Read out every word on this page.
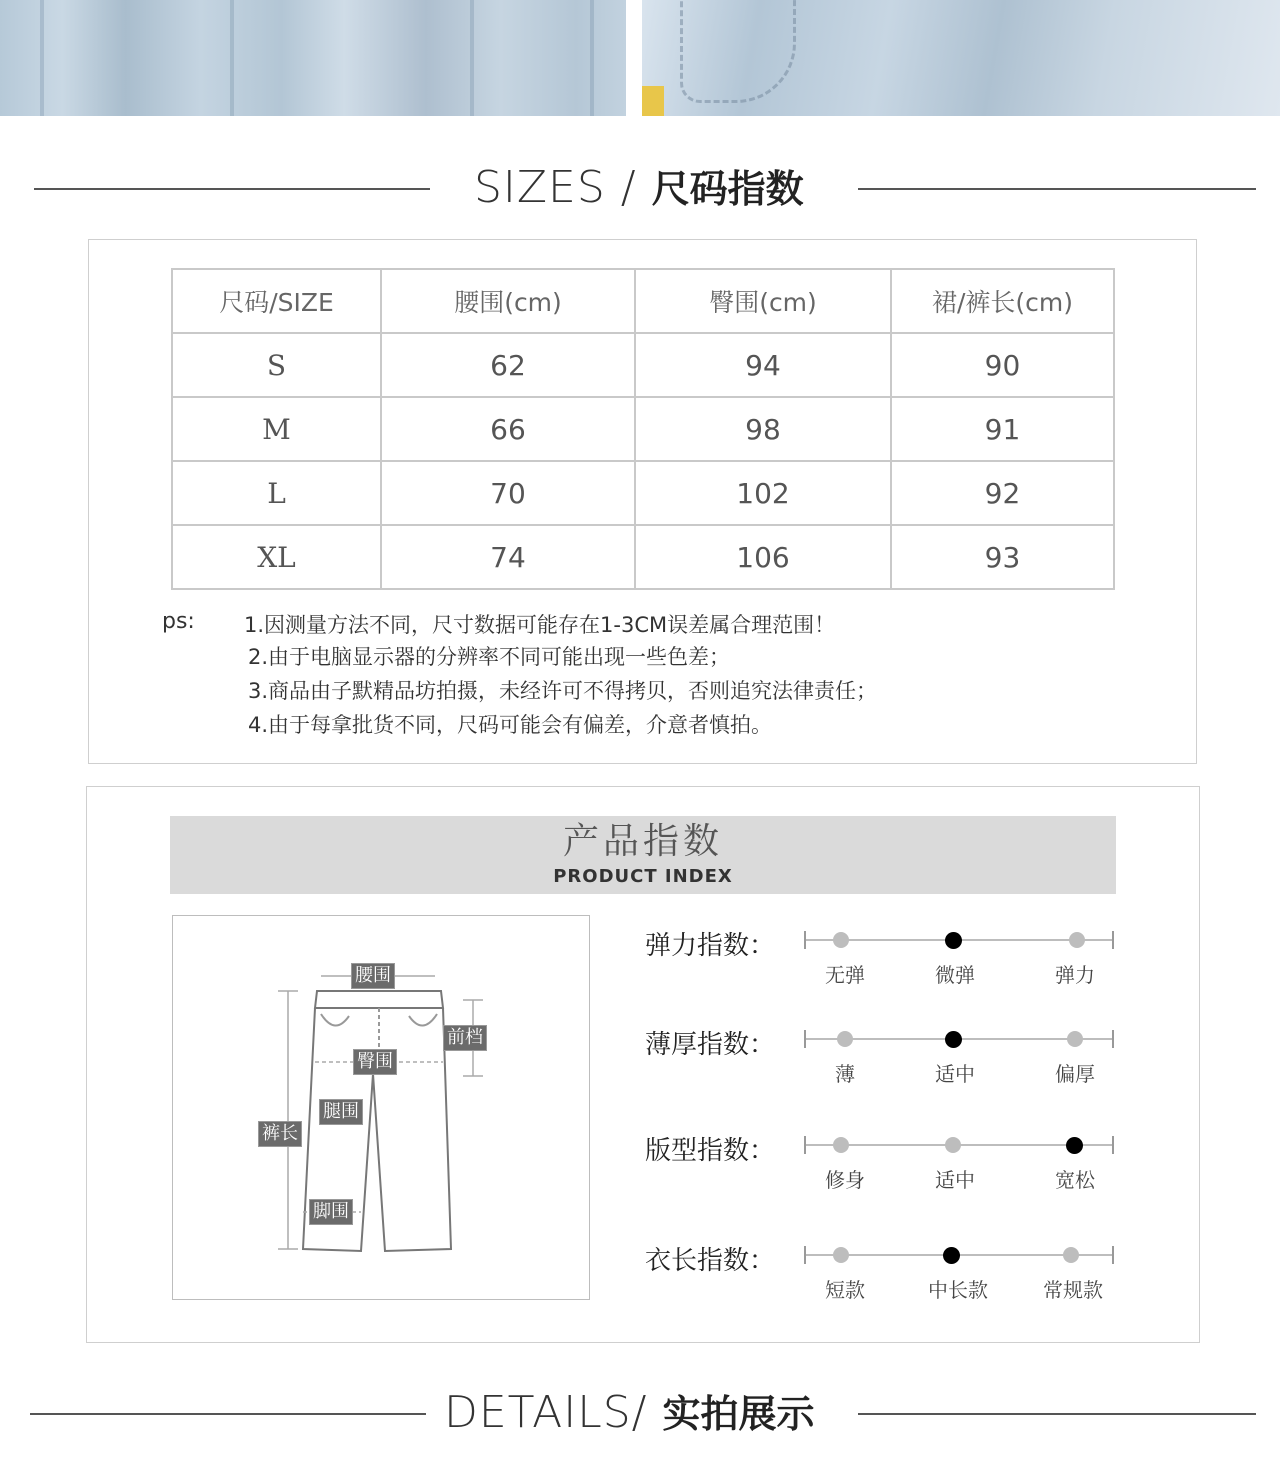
SIZES / 尺码指数
尺码/SIZE	腰围(cm)	臀围(cm)	裙/裤长(cm)
S	62	94	90
M	66	98	91
L	70	102	92
XL	74	106	93
ps: 1.因测量方法不同，尺寸数据可能存在1-3CM误差属合理范围！
2.由于电脑显示器的分辨率不同可能出现一些色差；
3.商品由子默精品坊拍摄，未经许可不得拷贝，否则追究法律责任；
4.由于每拿批货不同，尺码可能会有偏差，介意者慎拍。
产品指数
PRODUCT INDEX
腰围
前档
臀围
腿围
裤长
脚围
弹力指数：
无弹	微弹	弹力
薄厚指数：
薄	适中	偏厚
版型指数：
修身	适中	宽松
衣长指数：
短款	中长款	常规款
DETAILS/ 实拍展示
